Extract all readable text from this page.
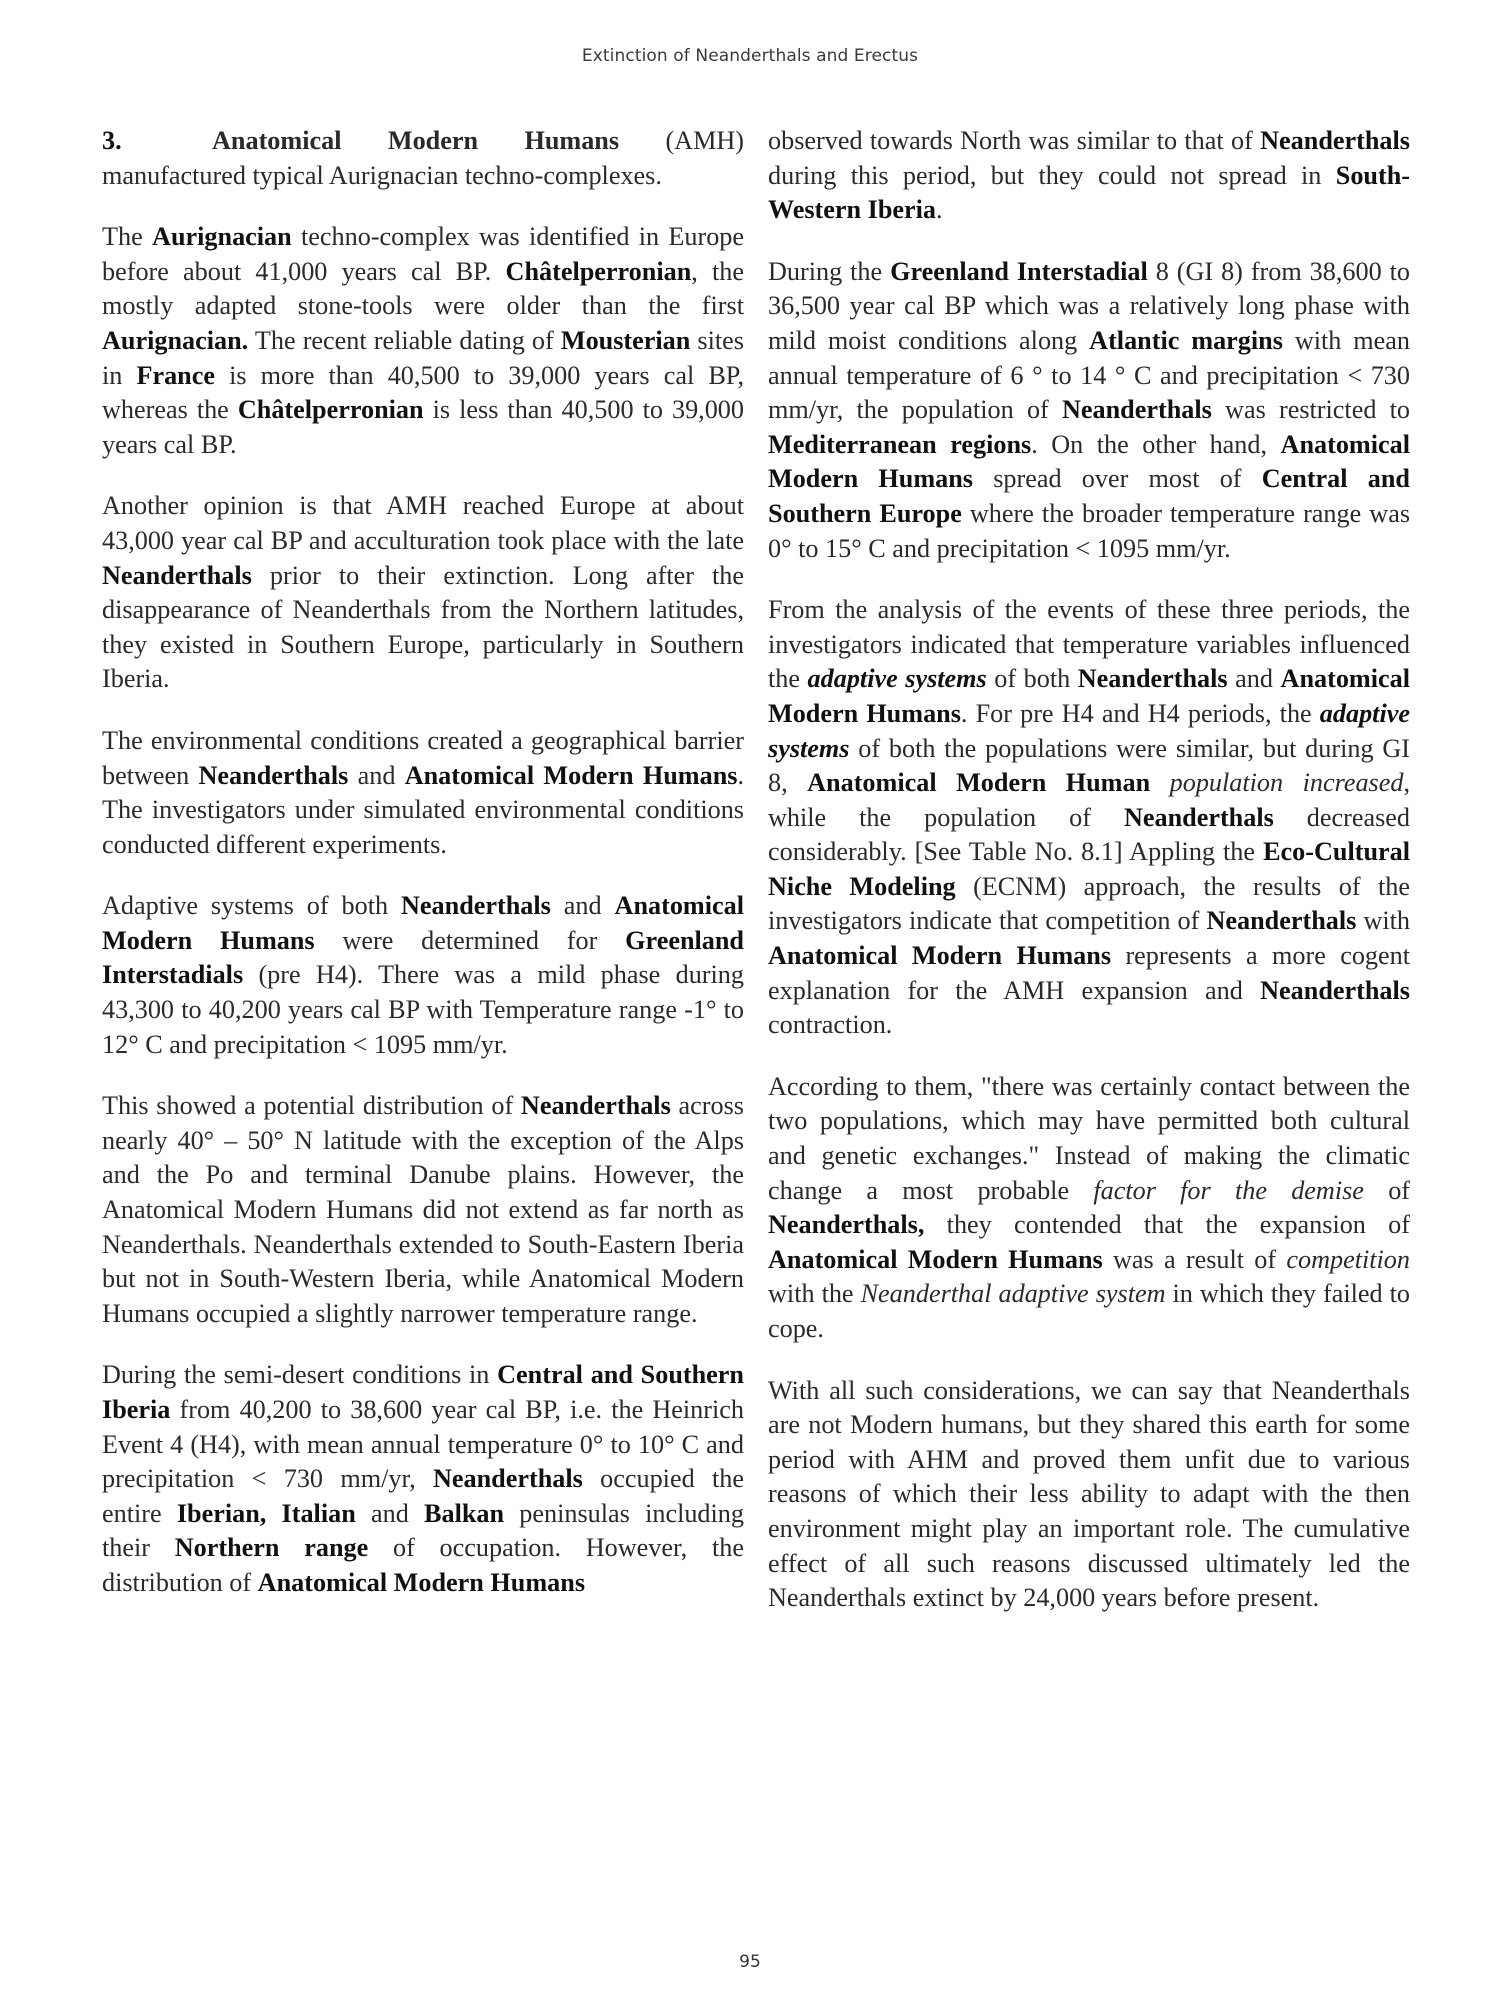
Extinction of Neanderthals and Erectus

3.	Anatomical Modern Humans (AMH) manufactured typical Aurignacian techno-complexes.

The Aurignacian techno-complex was identified in Europe before about 41,000 years cal BP. Châtelperronian, the mostly adapted stone-tools were older than the first Aurignacian. The recent reliable dating of Mousterian sites in France is more than 40,500 to 39,000 years cal BP, whereas the Châtelperronian is less than 40,500 to 39,000 years cal BP.

Another opinion is that AMH reached Europe at about 43,000 year cal BP and acculturation took place with the late Neanderthals prior to their extinction. Long after the disappearance of Neanderthals from the Northern latitudes, they existed in Southern Europe, particularly in Southern Iberia.

The environmental conditions created a geographical barrier between Neanderthals and Anatomical Modern Humans. The investigators under simulated environmental conditions conducted different experiments.

Adaptive systems of both Neanderthals and Anatomical Modern Humans were determined for Greenland Interstadials (pre H4). There was a mild phase during 43,300 to 40,200 years cal BP with Temperature range -1° to 12° C and precipitation < 1095 mm/yr.

This showed a potential distribution of Neanderthals across nearly 40° – 50° N latitude with the exception of the Alps and the Po and terminal Danube plains. However, the Anatomical Modern Humans did not extend as far north as Neanderthals. Neanderthals extended to South-Eastern Iberia but not in South-Western Iberia, while Anatomical Modern Humans occupied a slightly narrower temperature range.

During the semi-desert conditions in Central and Southern Iberia from 40,200 to 38,600 year cal BP, i.e. the Heinrich Event 4 (H4), with mean annual temperature 0° to 10° C and precipitation < 730 mm/yr, Neanderthals occupied the entire Iberian, Italian and Balkan peninsulas including their Northern range of occupation. However, the distribution of Anatomical Modern Humans

observed towards North was similar to that of Neanderthals during this period, but they could not spread in South-Western Iberia.

During the Greenland Interstadial 8 (GI 8) from 38,600 to 36,500 year cal BP which was a relatively long phase with mild moist conditions along Atlantic margins with mean annual temperature of 6 ° to 14 ° C and precipitation < 730 mm/yr, the population of Neanderthals was restricted to Mediterranean regions. On the other hand, Anatomical Modern Humans spread over most of Central and Southern Europe where the broader temperature range was 0° to 15° C and precipitation < 1095 mm/yr.

From the analysis of the events of these three periods, the investigators indicated that temperature variables influenced the adaptive systems of both Neanderthals and Anatomical Modern Humans. For pre H4 and H4 periods, the adaptive systems of both the populations were similar, but during GI 8, Anatomical Modern Human population increased, while the population of Neanderthals decreased considerably. [See Table No. 8.1] Appling the Eco-Cultural Niche Modeling (ECNM) approach, the results of the investigators indicate that competition of Neanderthals with Anatomical Modern Humans represents a more cogent explanation for the AMH expansion and Neanderthals contraction.

According to them, "there was certainly contact between the two populations, which may have permitted both cultural and genetic exchanges." Instead of making the climatic change a most probable factor for the demise of Neanderthals, they contended that the expansion of Anatomical Modern Humans was a result of competition with the Neanderthal adaptive system in which they failed to cope.

With all such considerations, we can say that Neanderthals are not Modern humans, but they shared this earth for some period with AHM and proved them unfit due to various reasons of which their less ability to adapt with the then environment might play an important role. The cumulative effect of all such reasons discussed ultimately led the Neanderthals extinct by 24,000 years before present.

95
